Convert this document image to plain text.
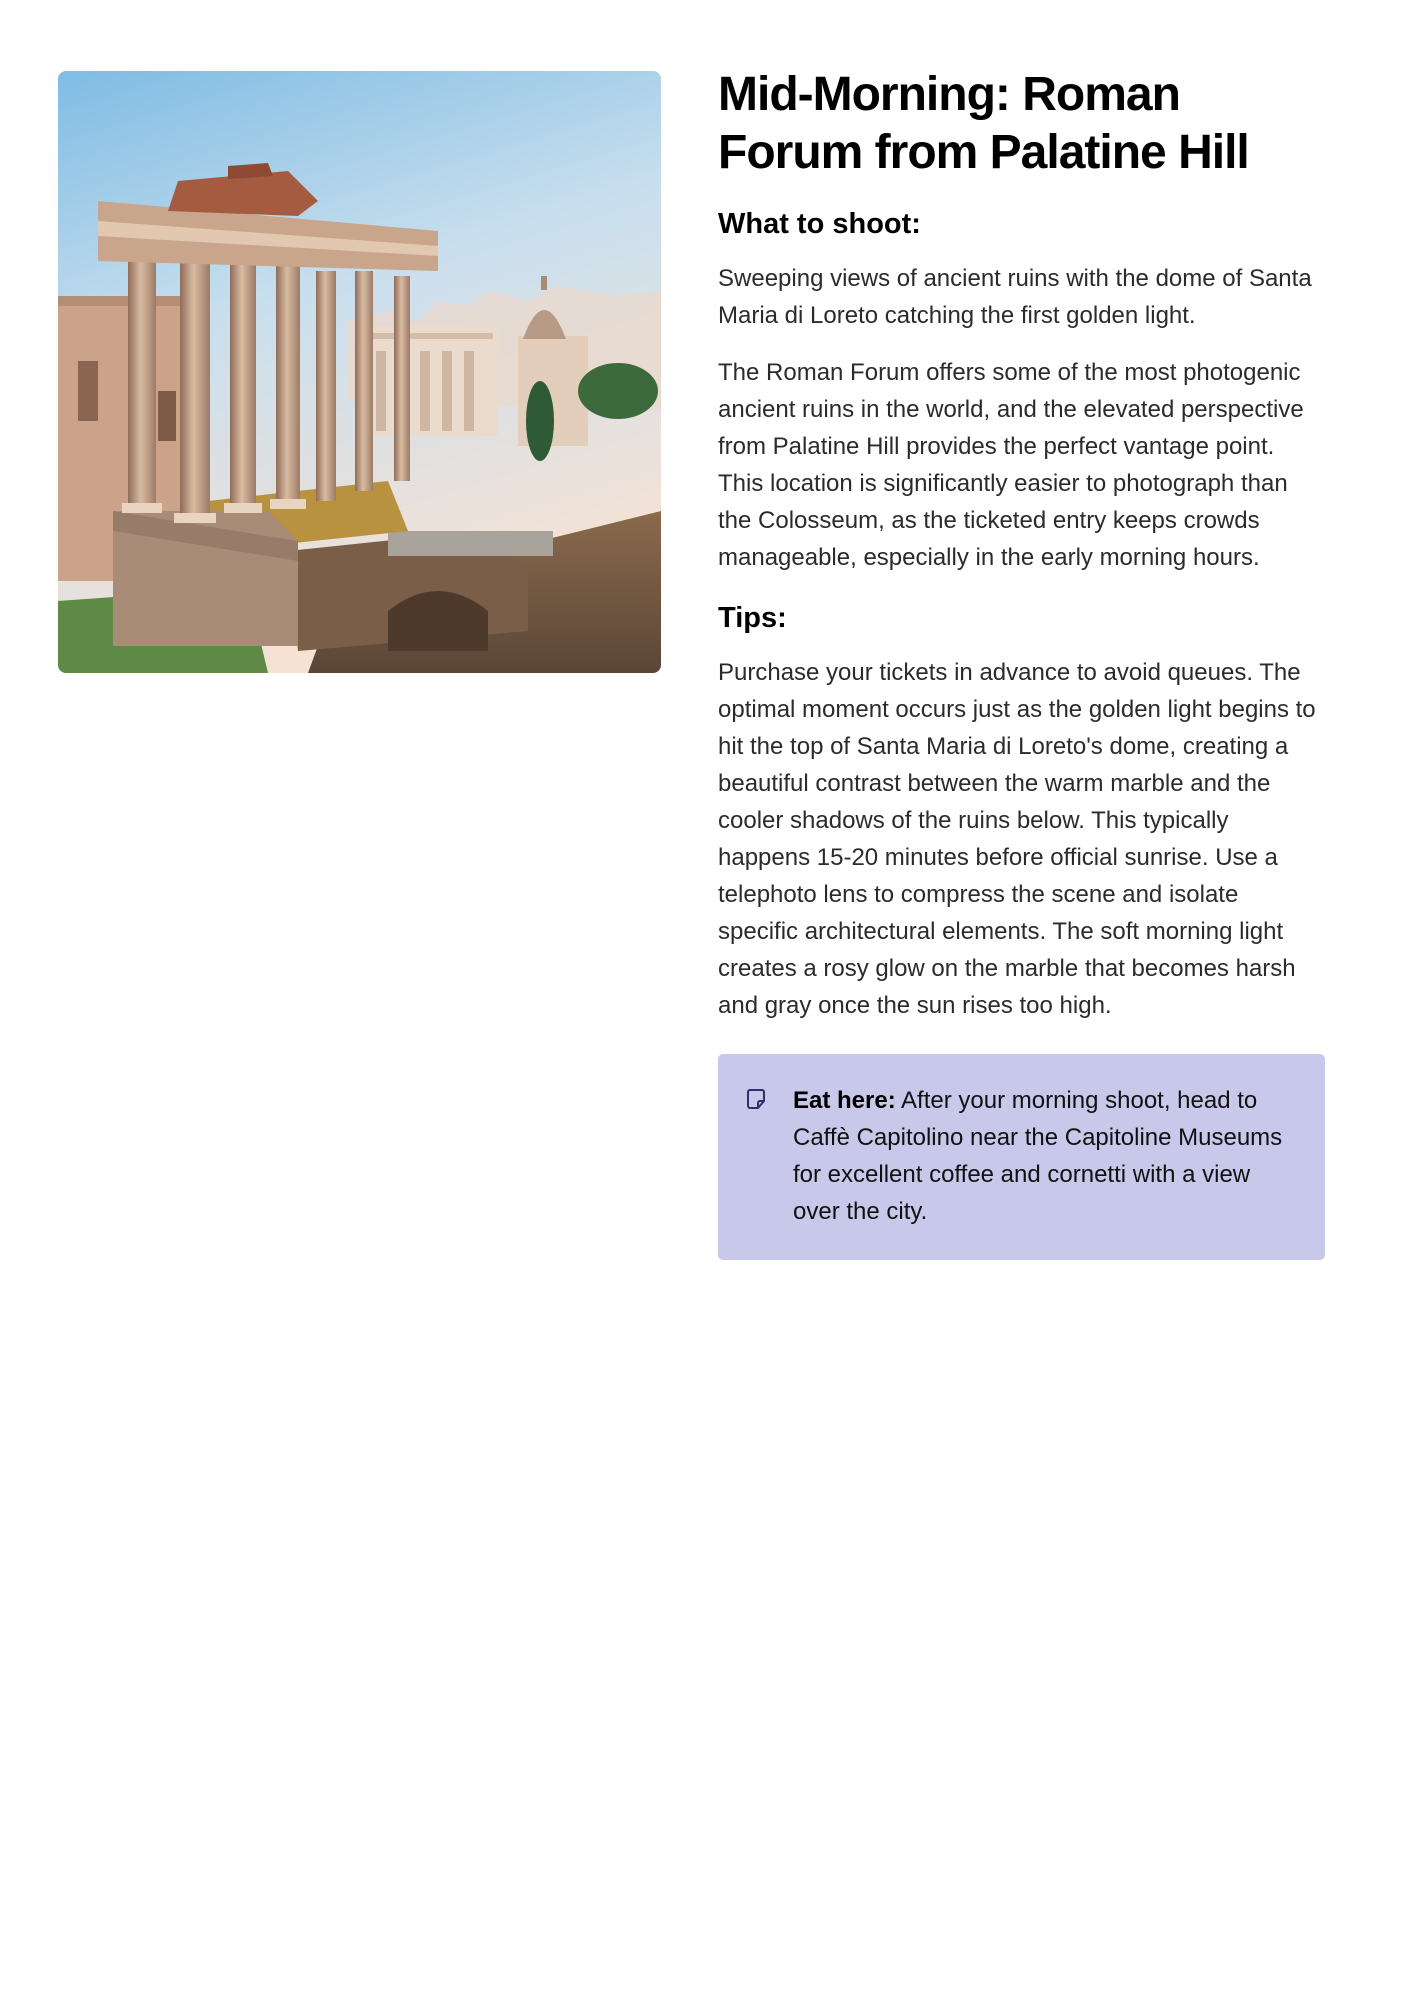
Mid-Morning: Roman Forum from Palatine Hill
What to shoot:

Sweeping views of ancient ruins with the dome of Santa Maria di Loreto catching the first golden light.

The Roman Forum offers some of the most photogenic ancient ruins in the world, and the elevated perspective from Palatine Hill provides the perfect vantage point. This location is significantly easier to photograph than the Colosseum, as the ticketed entry keeps crowds manageable, especially in the early morning hours.

Tips:

Purchase your tickets in advance to avoid queues. The optimal moment occurs just as the golden light begins to hit the top of Santa Maria di Loreto's dome, creating a beautiful contrast between the warm marble and the cooler shadows of the ruins below. This typically happens 15-20 minutes before official sunrise. Use a telephoto lens to compress the scene and isolate specific architectural elements. The soft morning light creates a rosy glow on the marble that becomes harsh and gray once the sun rises too high.

Eat here: After your morning shoot, head to Caffè Capitolino near the Capitoline Museums for excellent coffee and cornetti with a view over the city.
